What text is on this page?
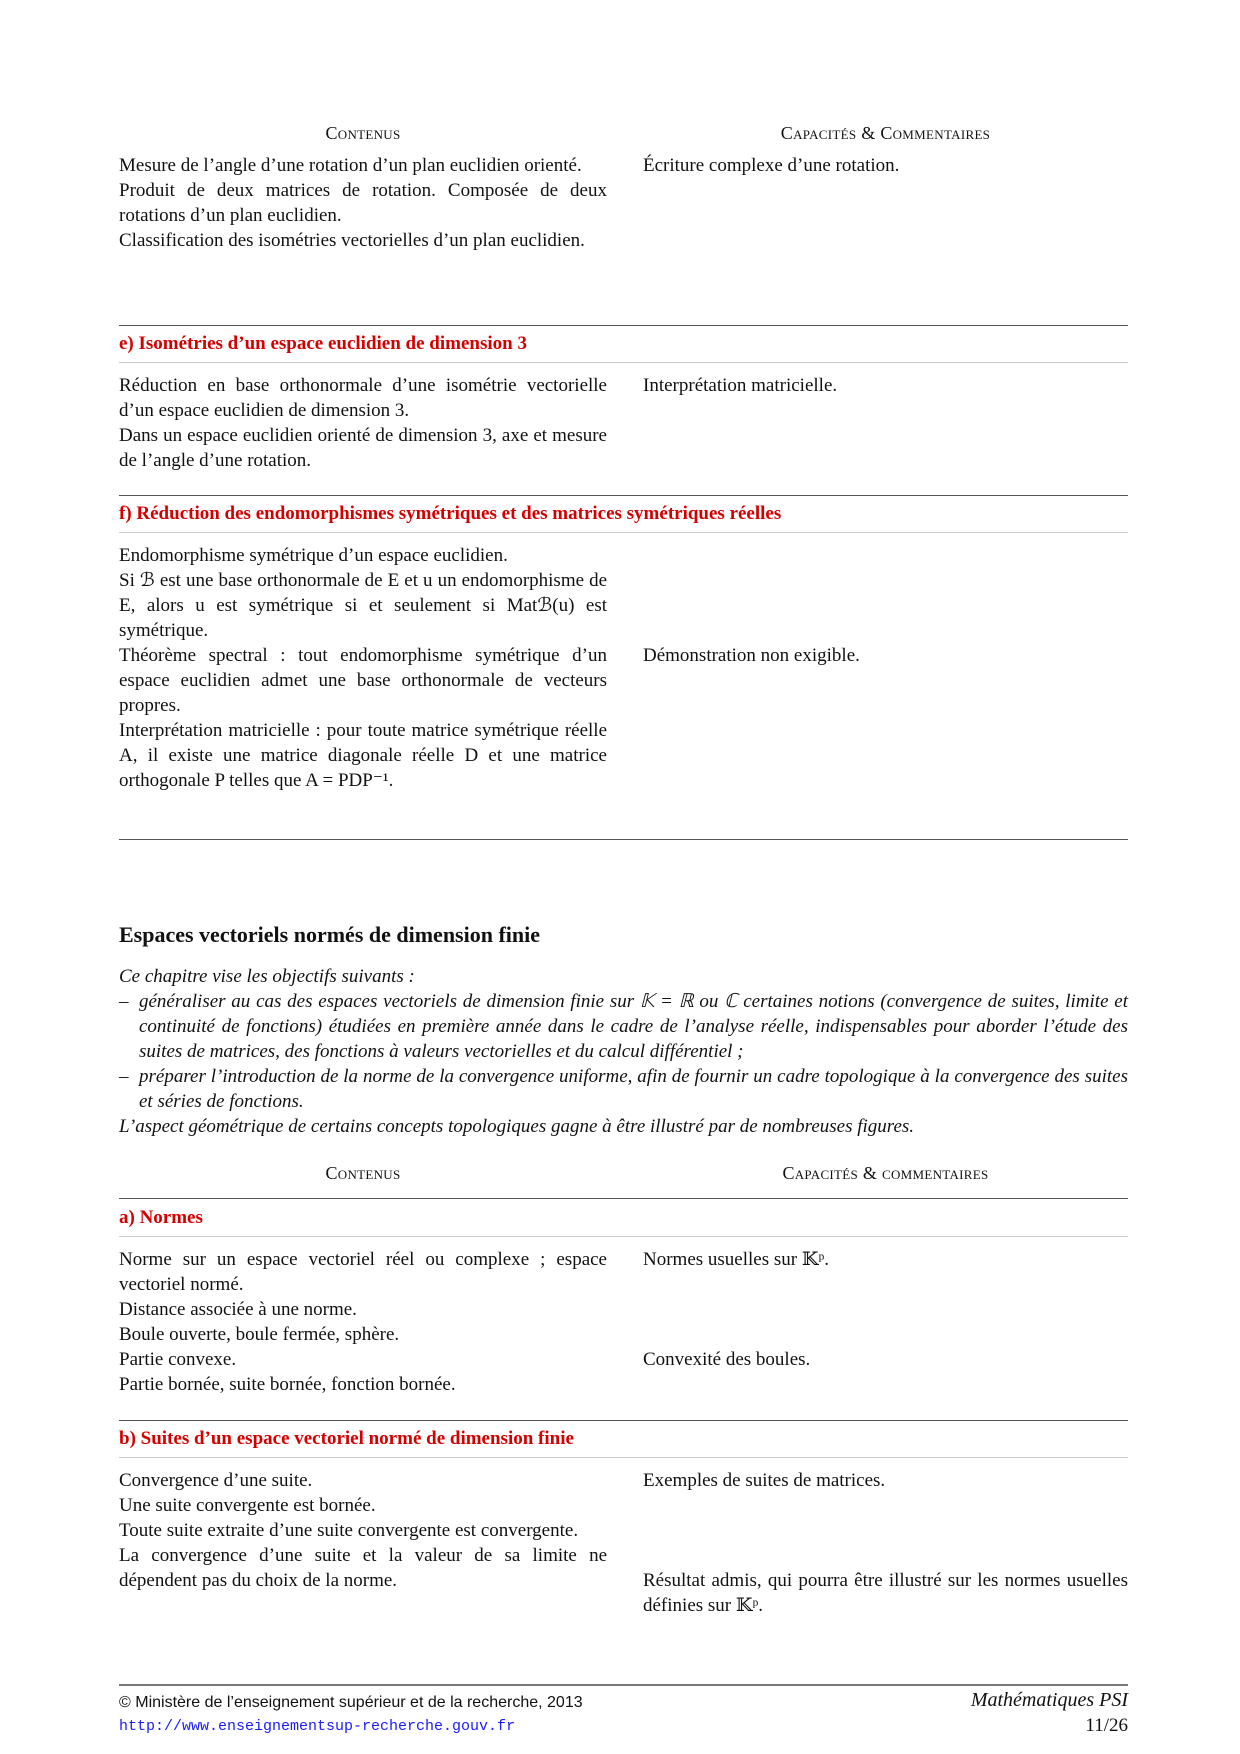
Contenus	Capacités & Commentaires
Mesure de l’angle d’une rotation d’un plan euclidien orienté.
Produit de deux matrices de rotation. Composée de deux rotations d’un plan euclidien.
Classification des isométries vectorielles d’un plan euclidien.
Écriture complexe d’une rotation.
e) Isométries d’un espace euclidien de dimension 3
Réduction en base orthonormale d’une isométrie vectorielle d’un espace euclidien de dimension 3.
Dans un espace euclidien orienté de dimension 3, axe et mesure de l’angle d’une rotation.
Interprétation matricielle.
f) Réduction des endomorphismes symétriques et des matrices symétriques réelles
Endomorphisme symétrique d’un espace euclidien.
Si ℬ est une base orthonormale de E et u un endomorphisme de E, alors u est symétrique si et seulement si Matℬ(u) est symétrique.
Théorème spectral : tout endomorphisme symétrique d’un espace euclidien admet une base orthonormale de vecteurs propres.
Interprétation matricielle : pour toute matrice symétrique réelle A, il existe une matrice diagonale réelle D et une matrice orthogonale P telles que A = PDP⁻¹.
Démonstration non exigible.
Espaces vectoriels normés de dimension finie
Ce chapitre vise les objectifs suivants :
– généraliser au cas des espaces vectoriels de dimension finie sur 𝕂 = ℝ ou ℂ certaines notions (convergence de suites, limite et continuité de fonctions) étudiées en première année dans le cadre de l’analyse réelle, indispensables pour aborder l’étude des suites de matrices, des fonctions à valeurs vectorielles et du calcul différentiel ;
– préparer l’introduction de la norme de la convergence uniforme, afin de fournir un cadre topologique à la convergence des suites et séries de fonctions.
L’aspect géométrique de certains concepts topologiques gagne à être illustré par de nombreuses figures.
Contenus	Capacités & commentaires
a) Normes
Norme sur un espace vectoriel réel ou complexe ; espace vectoriel normé.
Distance associée à une norme.
Boule ouverte, boule fermée, sphère.
Partie convexe.
Partie bornée, suite bornée, fonction bornée.
Normes usuelles sur 𝕂ᵖ.
Convexité des boules.
b) Suites d’un espace vectoriel normé de dimension finie
Convergence d’une suite.
Une suite convergente est bornée.
Toute suite extraite d’une suite convergente est convergente.
La convergence d’une suite et la valeur de sa limite ne dépendent pas du choix de la norme.
Exemples de suites de matrices.
Résultat admis, qui pourra être illustré sur les normes usuelles définies sur 𝕂ᵖ.
© Ministère de l’enseignement supérieur et de la recherche, 2013
http://www.enseignementsup-recherche.gouv.fr
Mathématiques PSI
11/26
